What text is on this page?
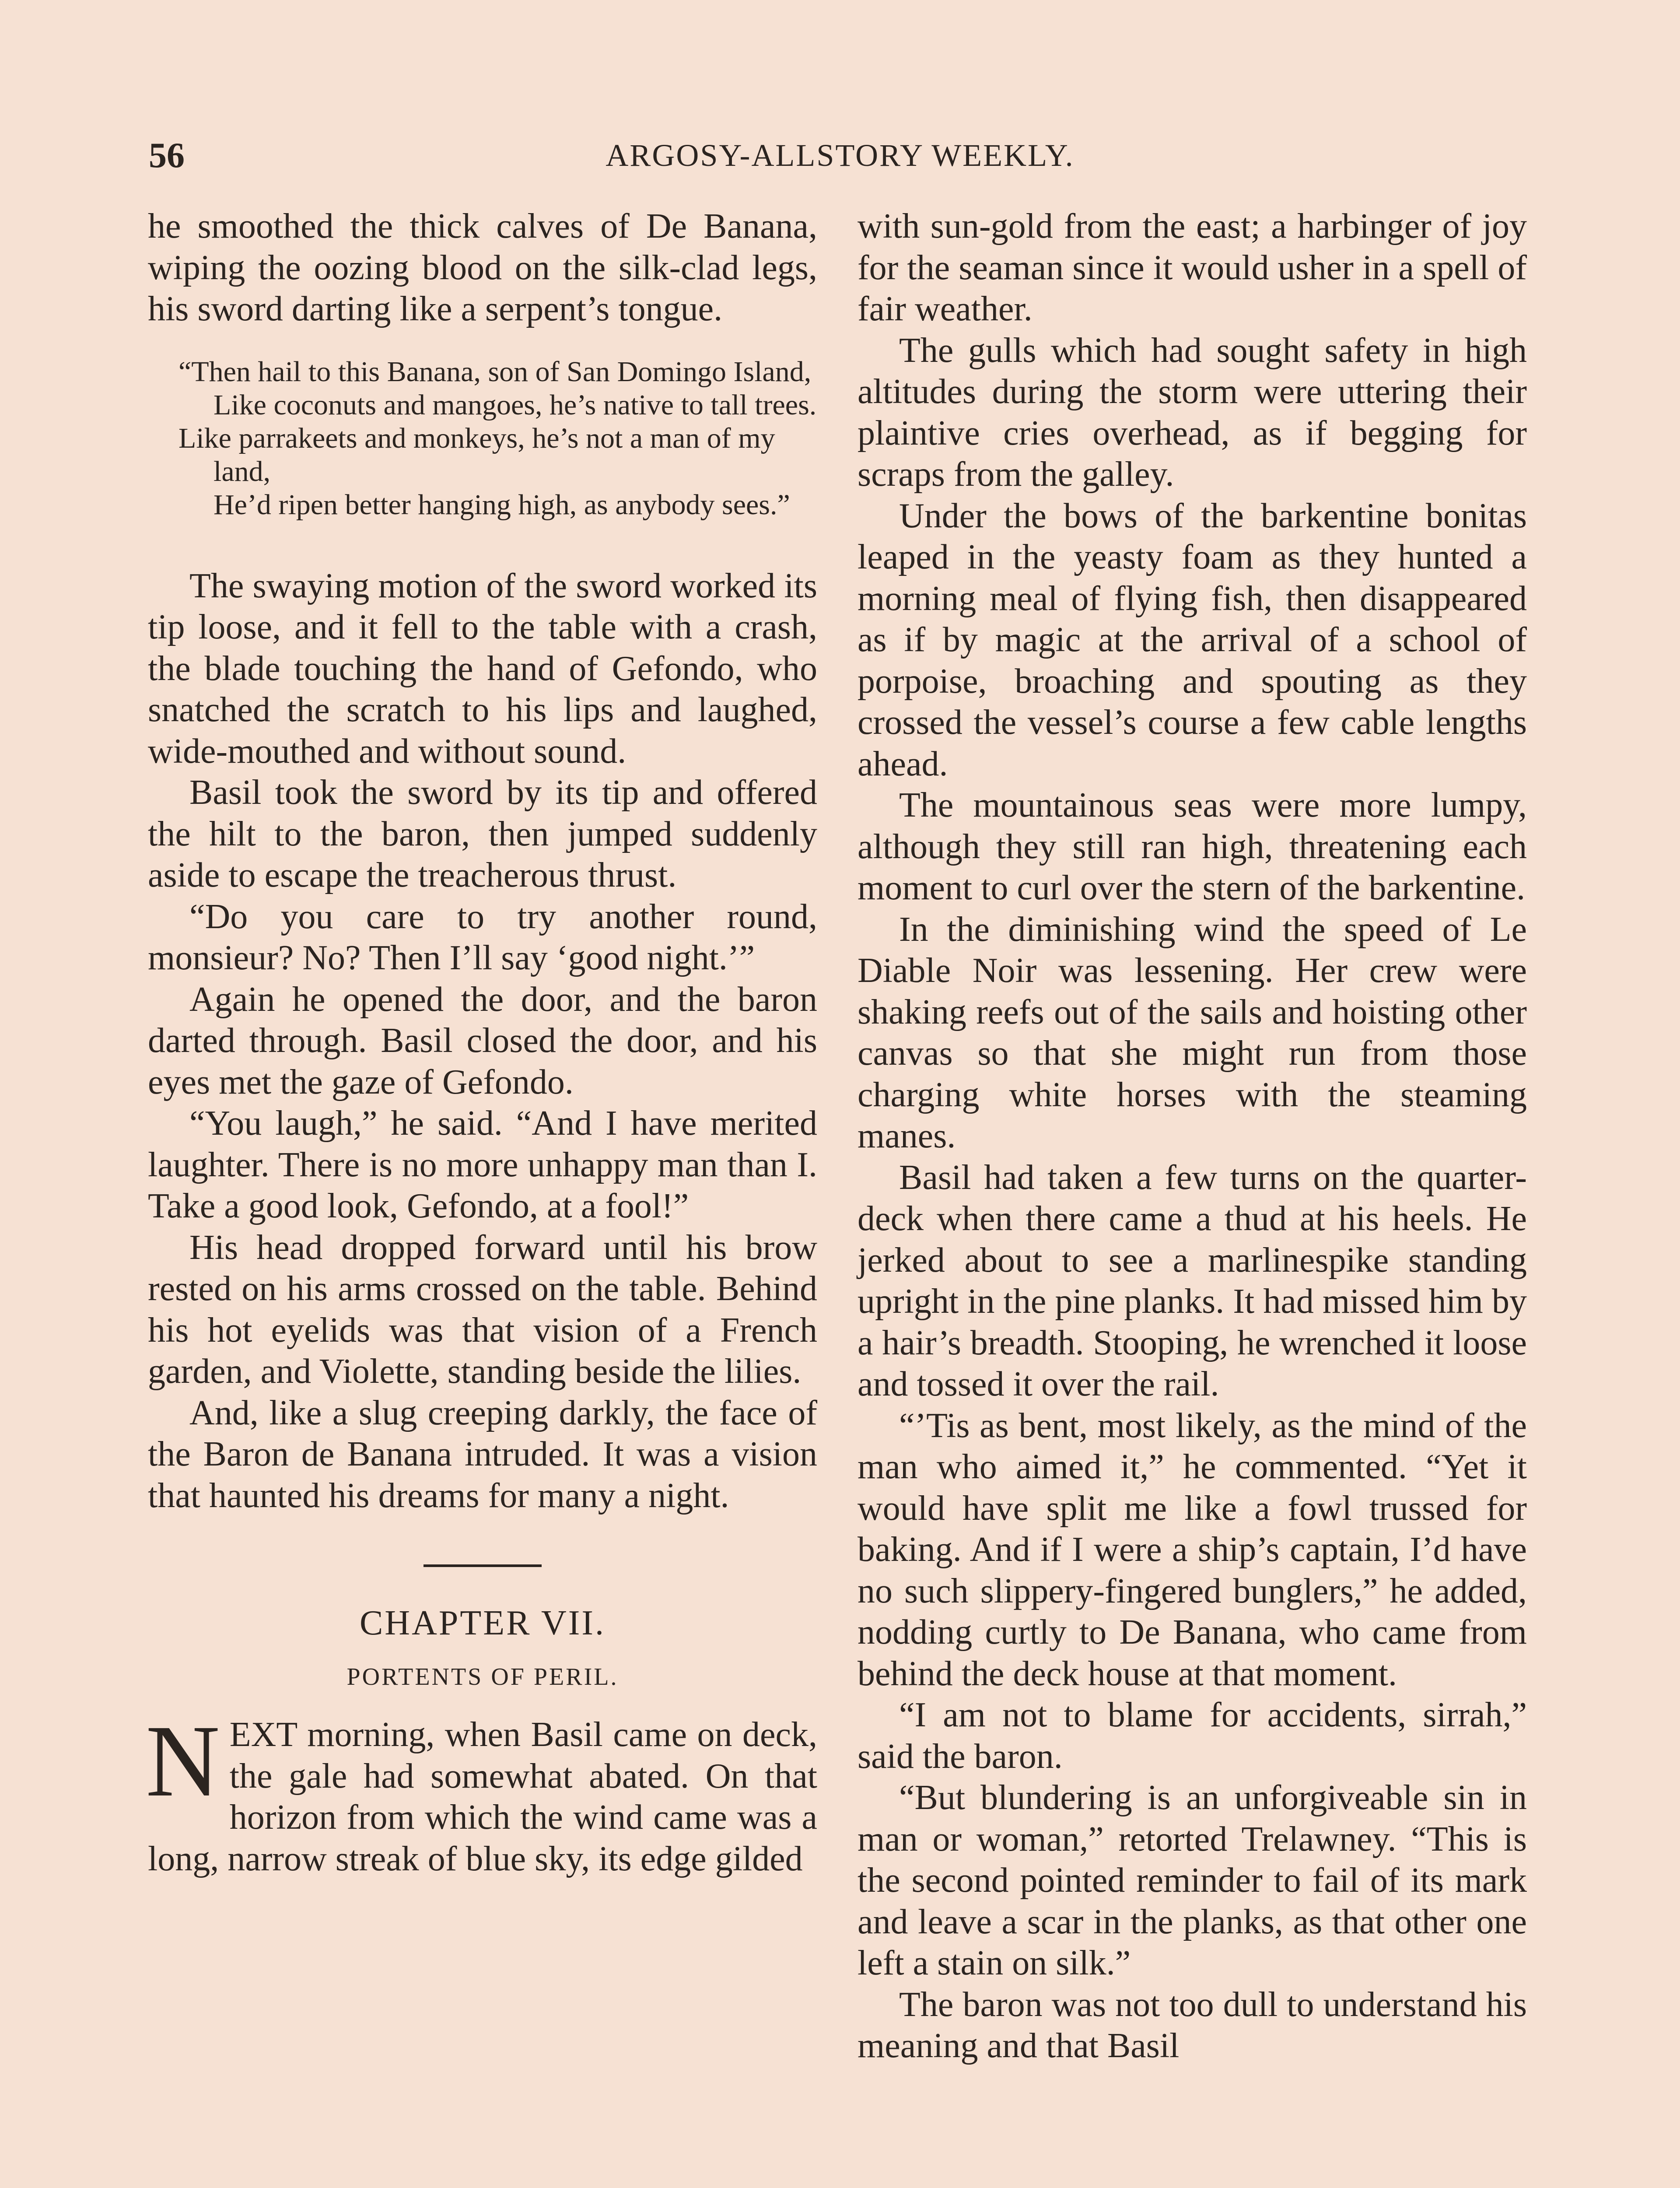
56	ARGOSY-ALLSTORY WEEKLY.

he smoothed the thick calves of De Banana, wiping the oozing blood on the silk-clad legs, his sword darting like a serpent’s tongue.

“Then hail to this Banana, son of San Domingo Island,
Like coconuts and mangoes, he’s native to tall trees.
Like parrakeets and monkeys, he’s not a man of my land,
He’d ripen better hanging high, as anybody sees.”

The swaying motion of the sword worked its tip loose, and it fell to the table with a crash, the blade touching the hand of Gefondo, who snatched the scratch to his lips and laughed, wide-mouthed and without sound.

Basil took the sword by its tip and offered the hilt to the baron, then jumped suddenly aside to escape the treacherous thrust.

“Do you care to try another round, monsieur? No? Then I’ll say ‘good night.’”

Again he opened the door, and the baron darted through. Basil closed the door, and his eyes met the gaze of Gefondo.

“You laugh,” he said. “And I have merited laughter. There is no more unhappy man than I. Take a good look, Gefondo, at a fool!”

His head dropped forward until his brow rested on his arms crossed on the table. Behind his hot eyelids was that vision of a French garden, and Violette, standing beside the lilies.

And, like a slug creeping darkly, the face of the Baron de Banana intruded. It was a vision that haunted his dreams for many a night.

CHAPTER VII.
PORTENTS OF PERIL.

NEXT morning, when Basil came on deck, the gale had somewhat abated. On that horizon from which the wind came was a long, narrow streak of blue sky, its edge gilded

with sun-gold from the east; a harbinger of joy for the seaman since it would usher in a spell of fair weather.

The gulls which had sought safety in high altitudes during the storm were uttering their plaintive cries overhead, as if begging for scraps from the galley.

Under the bows of the barkentine bonitas leaped in the yeasty foam as they hunted a morning meal of flying fish, then disappeared as if by magic at the arrival of a school of porpoise, broaching and spouting as they crossed the vessel’s course a few cable lengths ahead.

The mountainous seas were more lumpy, although they still ran high, threatening each moment to curl over the stern of the barkentine.

In the diminishing wind the speed of Le Diable Noir was lessening. Her crew were shaking reefs out of the sails and hoisting other canvas so that she might run from those charging white horses with the steaming manes.

Basil had taken a few turns on the quarter-deck when there came a thud at his heels. He jerked about to see a marlinespike standing upright in the pine planks. It had missed him by a hair’s breadth. Stooping, he wrenched it loose and tossed it over the rail.

“’Tis as bent, most likely, as the mind of the man who aimed it,” he commented. “Yet it would have split me like a fowl trussed for baking. And if I were a ship’s captain, I’d have no such slippery-fingered bunglers,” he added, nodding curtly to De Banana, who came from behind the deck house at that moment.

“I am not to blame for accidents, sirrah,” said the baron.

“But blundering is an unforgiveable sin in man or woman,” retorted Trelawney. “This is the second pointed reminder to fail of its mark and leave a scar in the planks, as that other one left a stain on silk.”

The baron was not too dull to understand his meaning and that Basil
